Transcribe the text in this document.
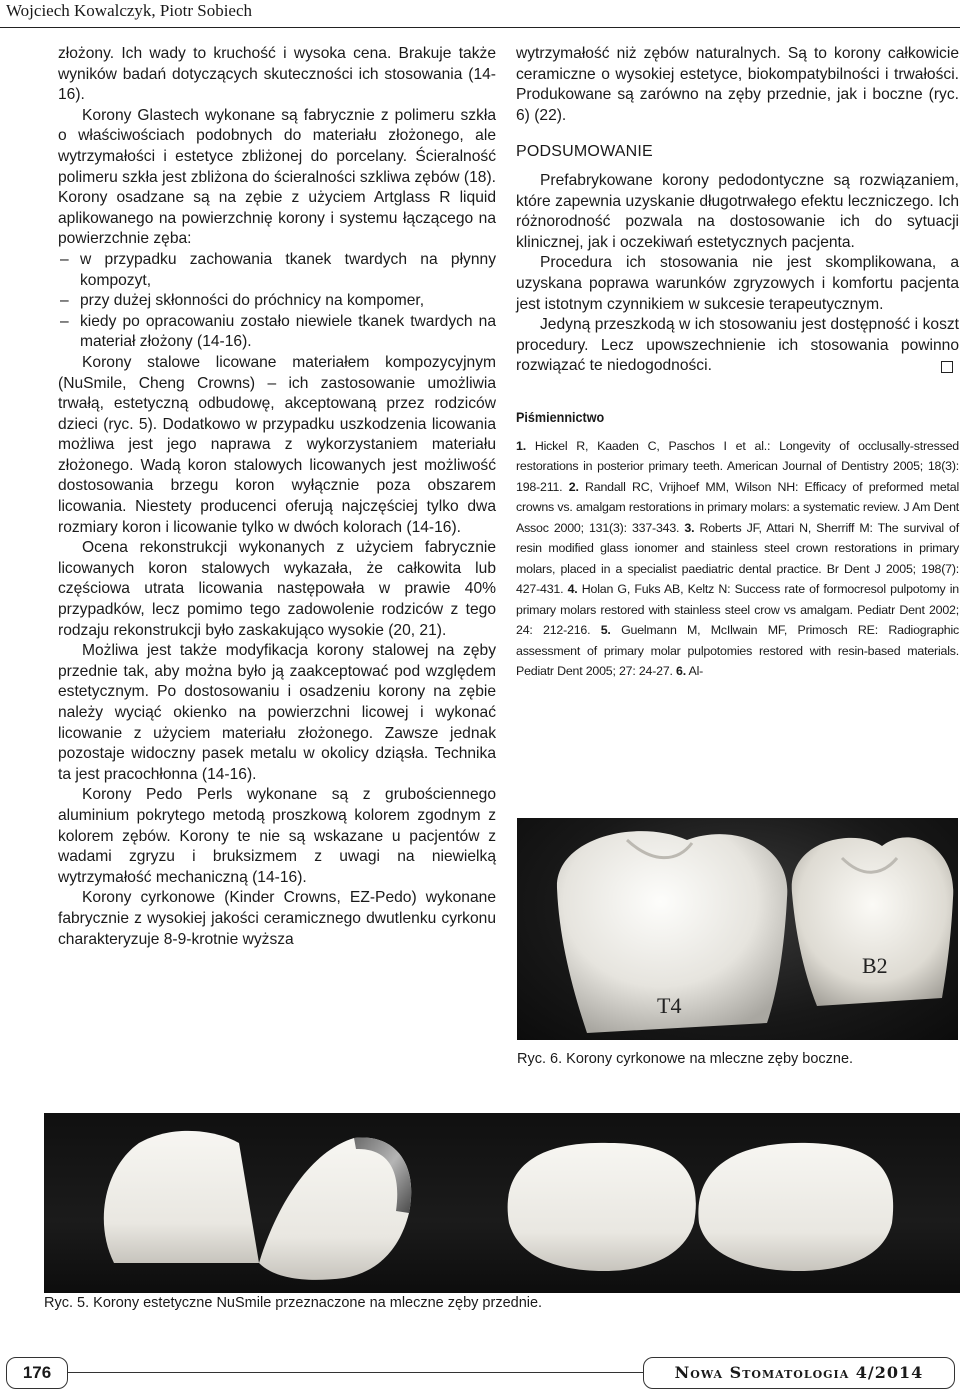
Wojciech Kowalczyk, Piotr Sobiech

złożony. Ich wady to kruchość i wysoka cena. Brakuje także wyników badań dotyczących skuteczności ich stosowania (14-16).

Korony Glastech wykonane są fabrycznie z polimeru szkła o właściwościach podobnych do materiału złożonego, ale wytrzymałości i estetyce zbliżonej do porcelany. Ścieralność polimeru szkła jest zbliżona do ścieralności szkliwa zębów (18). Korony osadzane są na zębie z użyciem Artglass R liquid aplikowanego na powierzchnię korony i systemu łączącego na powierzchnie zęba:

– w przypadku zachowania tkanek twardych na płynny kompozyt,
– przy dużej skłonności do próchnicy na kompomer,
– kiedy po opracowaniu zostało niewiele tkanek twardych na materiał złożony (14-16).

Korony stalowe licowane materiałem kompozycyjnym (NuSmile, Cheng Crowns) – ich zastosowanie umożliwia trwałą, estetyczną odbudowę, akceptowaną przez rodziców dzieci (ryc. 5). Dodatkowo w przypadku uszkodzenia licowania możliwa jest jego naprawa z wykorzystaniem materiału złożonego. Wadą koron stalowych licowanych jest możliwość dostosowania brzegu koron wyłącznie poza obszarem licowania. Niestety producenci oferują najczęściej tylko dwa rozmiary koron i licowanie tylko w dwóch kolorach (14-16).

Ocena rekonstrukcji wykonanych z użyciem fabrycznie licowanych koron stalowych wykazała, że całkowita lub częściowa utrata licowania następowała w prawie 40% przypadków, lecz pomimo tego zadowolenie rodziców z tego rodzaju rekonstrukcji było zaskakująco wysokie (20, 21).

Możliwa jest także modyfikacja korony stalowej na zęby przednie tak, aby można było ją zaakceptować pod względem estetycznym. Po dostosowaniu i osadzeniu korony na zębie należy wyciąć okienko na powierzchni licowej i wykonać licowanie z użyciem materiału złożonego. Zawsze jednak pozostaje widoczny pasek metalu w okolicy dziąsła. Technika ta jest pracochłonna (14-16).

Korony Pedo Perls wykonane są z grubościennego aluminium pokrytego metodą proszkową kolorem zgodnym z kolorem zębów. Korony te nie są wskazane u pacjentów z wadami zgryzu i bruksizmem z uwagi na niewielką wytrzymałość mechaniczną (14-16).

Korony cyrkonowe (Kinder Crowns, EZ-Pedo) wykonane fabrycznie z wysokiej jakości ceramicznego dwutlenku cyrkonu charakteryzuje 8-9-krotnie wyższa

wytrzymałość niż zębów naturalnych. Są to korony całkowicie ceramiczne o wysokiej estetyce, biokompatybilności i trwałości. Produkowane są zarówno na zęby przednie, jak i boczne (ryc. 6) (22).

PODSUMOWANIE

Prefabrykowane korony pedodontyczne są rozwiązaniem, które zapewnia uzyskanie długotrwałego efektu leczniczego. Ich różnorodność pozwala na dostosowanie ich do sytuacji klinicznej, jak i oczekiwań estetycznych pacjenta.

Procedura ich stosowania nie jest skomplikowana, a uzyskana poprawa warunków zgryzowych i komfortu pacjenta jest istotnym czynnikiem w sukcesie terapeutycznym.

Jedyną przeszkodą w ich stosowaniu jest dostępność i koszt procedury. Lecz upowszechnienie ich stosowania powinno rozwiązać te niedogodności.

Piśmiennictwo
1. Hickel R, Kaaden C, Paschos I et al.: Longevity of occlusally-stressed restorations in posterior primary teeth. American Journal of Dentistry 2005; 18(3): 198-211. 2. Randall RC, Vrijhoef MM, Wilson NH: Efficacy of preformed metal crowns vs. amalgam restorations in primary molars: a systematic review. J Am Dent Assoc 2000; 131(3): 337-343. 3. Roberts JF, Attari N, Sherriff M: The survival of resin modified glass ionomer and stainless steel crown restorations in primary molars, placed in a specialist paediatric dental practice. Br Dent J 2005; 198(7): 427-431. 4. Holan G, Fuks AB, Keltz N: Success rate of formocresol pulpotomy in primary molars restored with stainless steel crow vs amalgam. Pediatr Dent 2002; 24: 212-216. 5. Guelmann M, McIlwain MF, Primosch RE: Radiographic assessment of primary molar pulpotomies restored with resin-based materials. Pediatr Dent 2005; 27: 24-27. 6. Al-
T4
B2
Ryc. 6. Korony cyrkonowe na mleczne zęby boczne.
Ryc. 5. Korony estetyczne NuSmile przeznaczone na mleczne zęby przednie.
176	Nowa Stomatologia 4/2014
